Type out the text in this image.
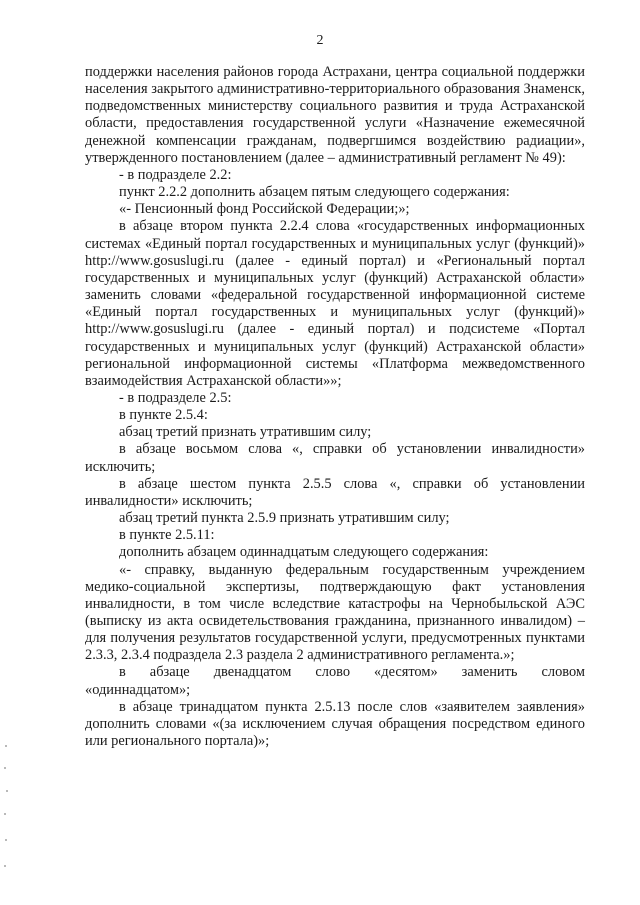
2

поддержки населения районов города Астрахани, центра социальной поддержки населения закрытого административно-территориального образования Знаменск, подведомственных министерству социального развития и труда Астраханской области, предоставления государственной услуги «Назначение ежемесячной денежной компенсации гражданам, подвергшимся воздействию радиации», утвержденного постановлением (далее – административный регламент № 49):

- в подразделе 2.2:

пункт 2.2.2 дополнить абзацем пятым следующего содержания:

«- Пенсионный фонд Российской Федерации;»;

в абзаце втором пункта 2.2.4 слова «государственных информационных системах «Единый портал государственных и муниципальных услуг (функций)» http://www.gosuslugi.ru (далее - единый портал) и «Региональный портал государственных и муниципальных услуг (функций) Астраханской области» заменить словами «федеральной государственной информационной системе «Единый портал государственных и муниципальных услуг (функций)» http://www.gosuslugi.ru (далее - единый портал) и подсистеме «Портал государственных и муниципальных услуг (функций) Астраханской области» региональной информационной системы «Платформа межведомственного взаимодействия Астраханской области»»;

- в подразделе 2.5:

в пункте 2.5.4:

абзац третий признать утратившим силу;

в абзаце восьмом слова «, справки об установлении инвалидности» исключить;

в абзаце шестом пункта 2.5.5 слова «, справки об установлении инвалидности» исключить;

абзац третий пункта 2.5.9 признать утратившим силу;

в пункте 2.5.11:

дополнить абзацем одиннадцатым следующего содержания:

«- справку, выданную федеральным государственным учреждением медико-социальной экспертизы, подтверждающую факт установления инвалидности, в том числе вследствие катастрофы на Чернобыльской АЭС (выписку из акта освидетельствования гражданина, признанного инвалидом) – для получения результатов государственной услуги, предусмотренных пунктами 2.3.3, 2.3.4 подраздела 2.3 раздела 2 административного регламента.»;

в абзаце двенадцатом слово «десятом» заменить словом

«одиннадцатом»;

в абзаце тринадцатом пункта 2.5.13 после слов «заявителем заявления» дополнить словами «(за исключением случая обращения посредством единого или регионального портала)»;
